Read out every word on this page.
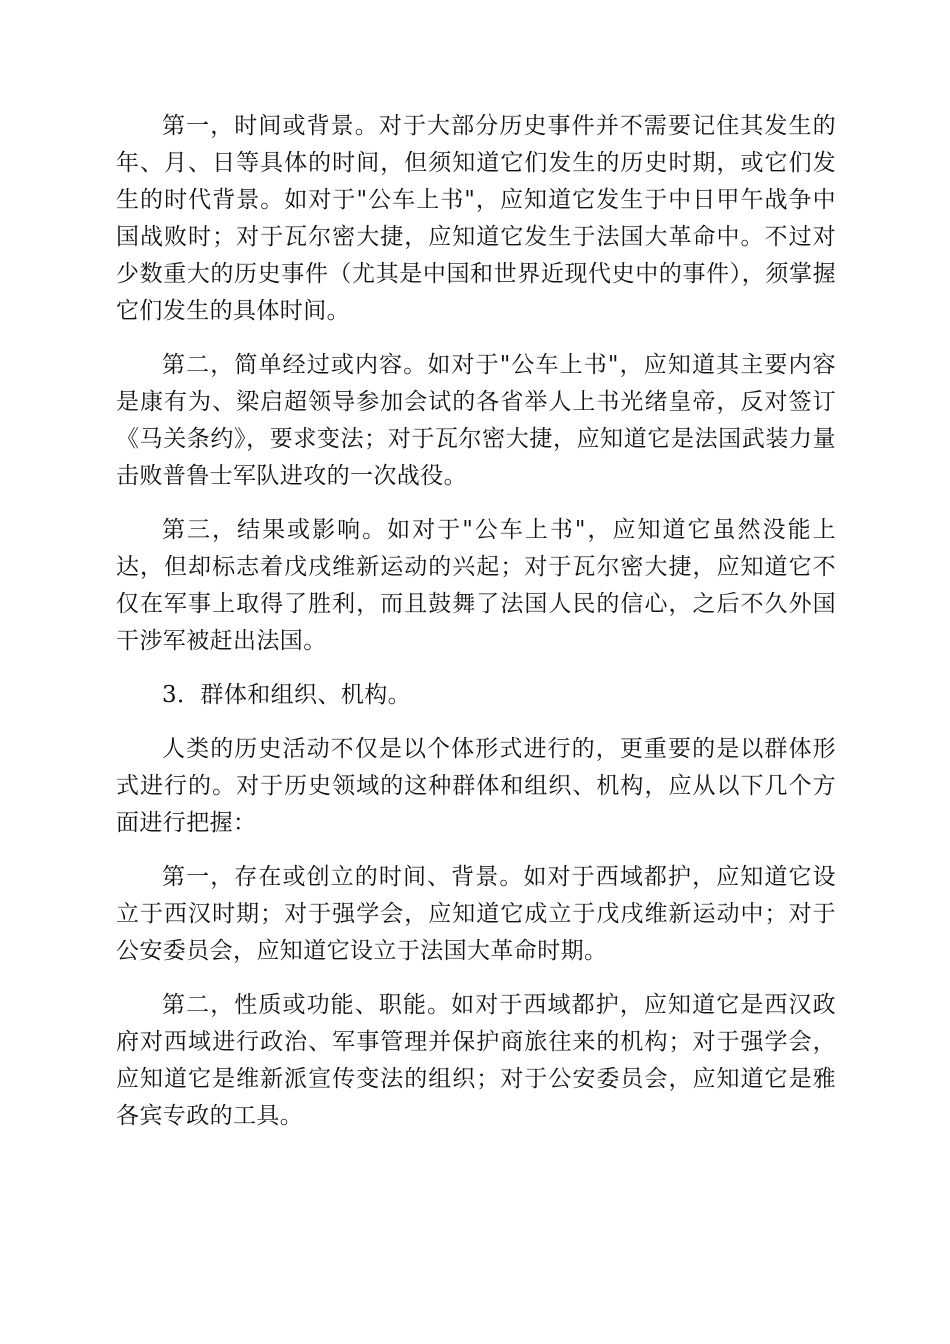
第一，时间或背景。对于大部分历史事件并不需要记住其发生的年、月、日等具体的时间，但须知道它们发生的历史时期，或它们发生的时代背景。如对于"公车上书"，应知道它发生于中日甲午战争中国战败时；对于瓦尔密大捷，应知道它发生于法国大革命中。不过对少数重大的历史事件（尤其是中国和世界近现代史中的事件），须掌握它们发生的具体时间。

第二，简单经过或内容。如对于"公车上书"，应知道其主要内容是康有为、梁启超领导参加会试的各省举人上书光绪皇帝，反对签订《马关条约》，要求变法；对于瓦尔密大捷，应知道它是法国武装力量击败普鲁士军队进攻的一次战役。

第三，结果或影响。如对于"公车上书"，应知道它虽然没能上达，但却标志着戊戌维新运动的兴起；对于瓦尔密大捷，应知道它不仅在军事上取得了胜利，而且鼓舞了法国人民的信心，之后不久外国干涉军被赶出法国。

3．群体和组织、机构。

人类的历史活动不仅是以个体形式进行的，更重要的是以群体形式进行的。对于历史领域的这种群体和组织、机构，应从以下几个方面进行把握：

第一，存在或创立的时间、背景。如对于西域都护，应知道它设立于西汉时期；对于强学会，应知道它成立于戊戌维新运动中；对于公安委员会，应知道它设立于法国大革命时期。

第二，性质或功能、职能。如对于西域都护，应知道它是西汉政府对西域进行政治、军事管理并保护商旅往来的机构；对于强学会，应知道它是维新派宣传变法的组织；对于公安委员会，应知道它是雅各宾专政的工具。
